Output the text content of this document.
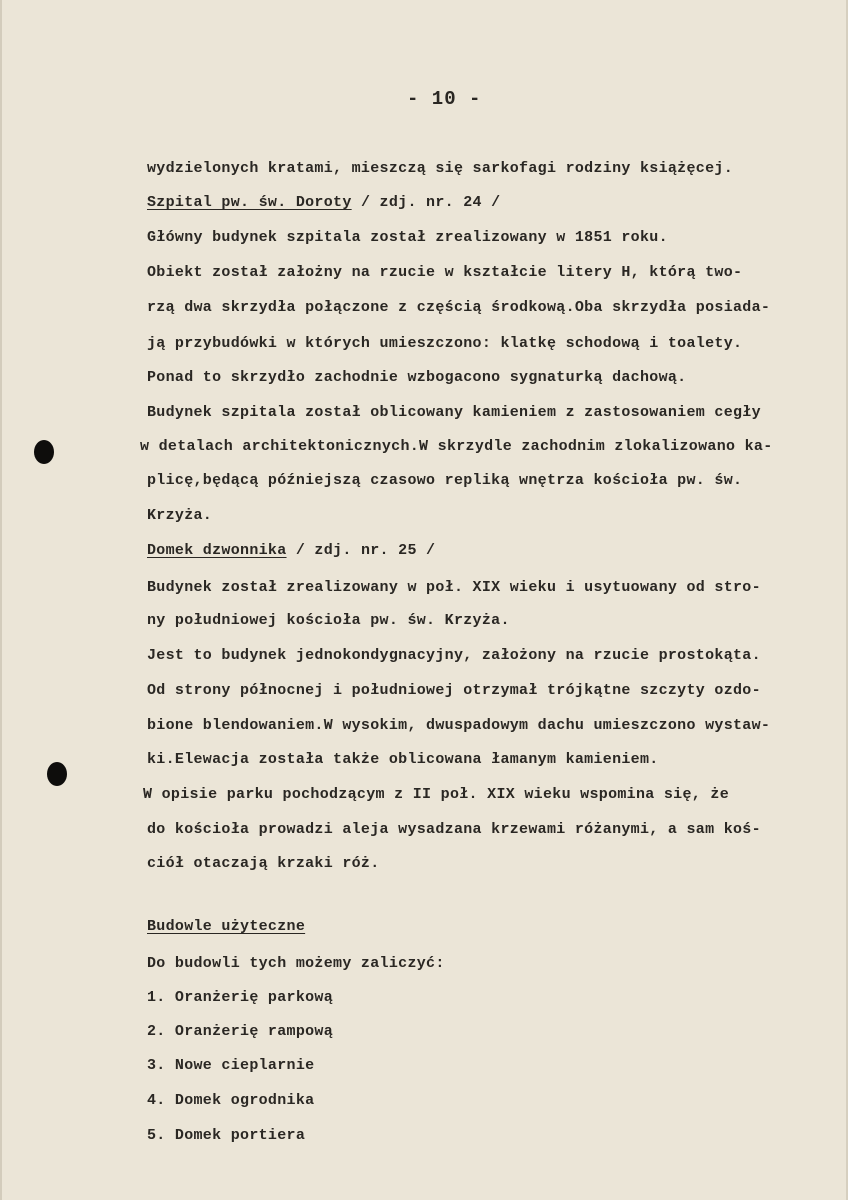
- 10 -
wydzielonych kratami, mieszczą się sarkofagi rodziny książęcej.
Szpital pw. św. Doroty / zdj. nr. 24 /
Główny budynek szpitala został zrealizowany w 1851 roku.
Obiekt został założny na rzucie w kształcie litery H, którą two-
rzą dwa skrzydła połączone z częścią środkową.Oba skrzydła posiada-
ją przybudówki w których umieszczono: klatkę schodową i toalety.
Ponad to skrzydło zachodnie wzbogacono sygnaturką dachową.
Budynek szpitala został oblicowany kamieniem z zastosowaniem cegły
w detalach architektonicznych.W skrzydle zachodnim zlokalizowano ka-
plicę,będącą późniejszą czasowo repliką wnętrza kościoła pw. św.
Krzyża.
Domek dzwonnika / zdj. nr. 25 /
Budynek został zrealizowany w poł. XIX wieku i usytuowany od stro-
ny południowej kościoła pw. św. Krzyża.
Jest to budynek jednokondygnacyjny, założony na rzucie prostokąta.
Od strony północnej i południowej otrzymał trójkątne szczyty ozdo-
bione blendowaniem.W wysokim, dwuspadowym dachu umieszczono wystaw-
ki.Elewacja została także oblicowana łamanym kamieniem.
W opisie parku pochodzącym z II poł. XIX wieku wspomina się, że
do kościoła prowadzi aleja wysadzana krzewami różanymi, a sam koś-
ciół otaczają krzaki róż.
Budowle użyteczne
Do budowli tych możemy zaliczyć:
1. Oranżerię parkową
2. Oranżerię rampową
3. Nowe cieplarnie
4. Domek ogrodnika
5. Domek portiera
